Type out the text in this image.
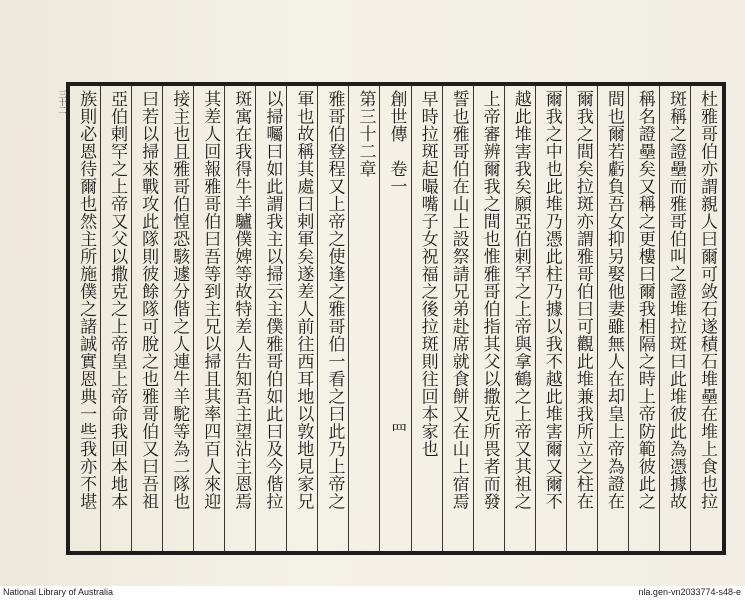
三十二	杜雅哥伯亦謂親人曰爾可敛石遂積石堆壘在堆上食也拉
斑稱之證壘而雅哥伯叫之證堆拉斑曰此堆彼此為憑據故
稱名證壘矣又稱之更樓曰爾我相隔之時上帝防範彼此之
間也爾若虧負吾女抑另娶他妻雖無人在却皇上帝為證在
爾我之間矣拉斑亦謂雅哥伯曰可觀此堆兼我所立之柱在
爾我之中也此堆乃憑此柱乃據以我不越此堆害爾又爾不
越此堆害我矣願亞伯剌罕之上帝與拿鶴之上帝又其祖之
上帝審辨爾我之間也惟雅哥伯指其父以撒克所畏者而發
誓也雅哥伯在山上設祭請兄弟赴席就食餅又在山上宿焉
早時拉斑起嘬嘴子女祝福之後拉斑則往回本家也
創世傳　卷一　　　　　　　　　　　　　罒
第三十二章
雅哥伯登程又上帝之使逢之雅哥伯一看之曰此乃上帝之
軍也故稱其處曰剌軍矣遂差人前往西耳地以敦地見家兄
以掃囑曰如此謂我主以掃云主僕雅哥伯如此曰及今偕拉
斑寓在我得牛羊驢僕婢等故特差人告知吾主望沾主恩焉
其差人回報雅哥伯曰吾等到主兄以掃且其率四百人來迎
接主也且雅哥伯惶恐駭遽分偕之人連牛羊駝等為二隊也
曰若以掃來戰攻此隊則彼餘隊可脫之也雅哥伯又曰吾祖
亞伯剌罕之上帝又父以撒克之上帝皇上帝命我回本地本
族則必恩待爾也然主所施僕之諸誠實恩典一些我亦不堪
National Library of Australia	nla.gen-vn2033774-s48-e
